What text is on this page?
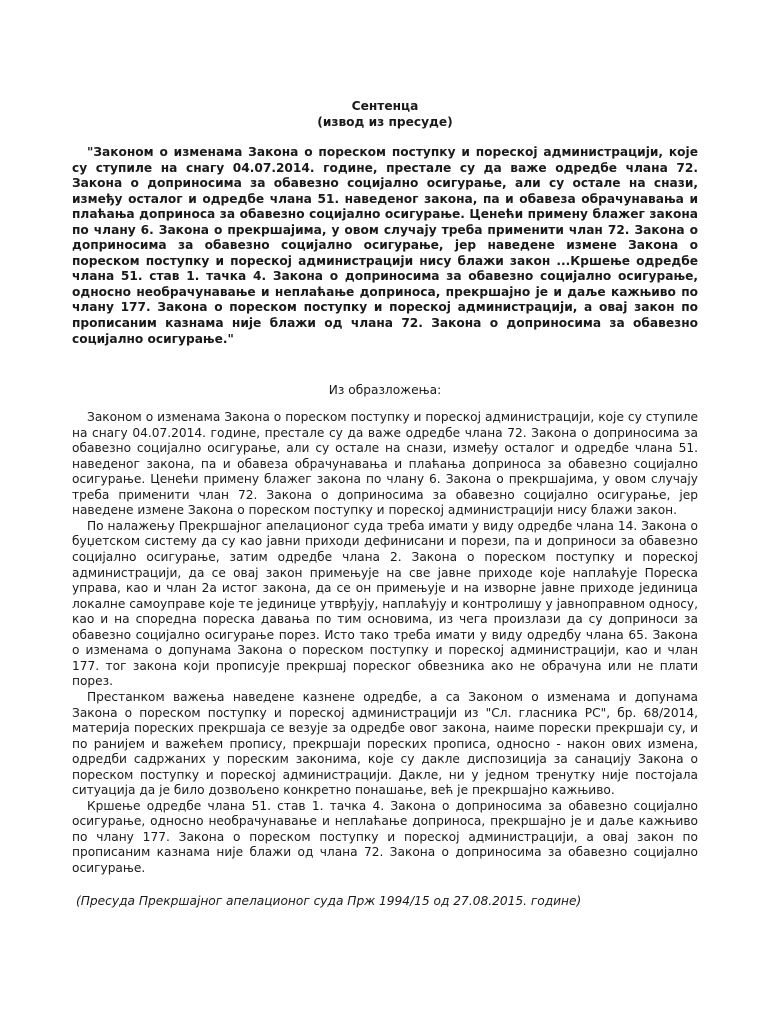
Сентенца
(извод из пресуде)

"Законом о изменама Закона о пореском поступку и пореској администрацији, које су ступиле на снагу 04.07.2014. године, престале су да важе одредбе члана 72. Закона о доприносима за обавезно социјално осигурање, али су остале на снази, између осталог и одредбе члана 51. наведеног закона, па и обавеза обрачунавања и плаћања доприноса за обавезно социјално осигурање. Ценећи примену блажег закона по члану 6. Закона о прекршајима, у овом случају треба применити члан 72. Закона о доприносима за обавезно социјално осигурање, јер наведене измене Закона о пореском поступку и пореској администрацији нису блажи закон ...Кршење одредбе члана 51. став 1. тачка 4. Закона о доприносима за обавезно социјално осигурање, односно необрачунавање и неплаћање доприноса, прекршајно је и даље кажњиво по члану 177. Закона о пореском поступку и пореској администрацији, а овај закон по прописаним казнама није блажи од члана 72. Закона о доприносима за обавезно социјално осигурање."

Из образложења:

Законом о изменама Закона о пореском поступку и пореској администрацији, које су ступиле на снагу 04.07.2014. године, престале су да важе одредбе члана 72. Закона о доприносима за обавезно социјално осигурање, али су остале на снази, између осталог и одредбе члана 51. наведеног закона, па и обавеза обрачунавања и плаћања доприноса за обавезно социјално осигурање. Ценећи примену блажег закона по члану 6. Закона о прекршајима, у овом случају треба применити члан 72. Закона о доприносима за обавезно социјално осигурање, јер наведене измене Закона о пореском поступку и пореској администрацији нису блажи закон.

По налажењу Прекршајног апелационог суда треба имати у виду одредбе члана 14. Закона о буџетском систему да су као јавни приходи дефинисани и порези, па и доприноси за обавезно социјално осигурање, затим одредбе члана 2. Закона о пореском поступку и пореској администрацији, да се овај закон примењује на све јавне приходе које наплаћује Пореска управа, као и члан 2а истог закона, да се он примењује и на изворне јавне приходе јединица локалне самоуправе које те јединице утврђују, наплаћују и контролишу у јавноправном односу, као и на споредна пореска давања по тим основима, из чега произлази да су доприноси за обавезно социјално осигурање порез. Исто тако треба имати у виду одредбу члана 65. Закона о изменама о допунама Закона о пореском поступку и пореској администрацији, као и члан 177. тог закона који прописује прекршај пореског обвезника ако не обрачуна или не плати порез.

Престанком важења наведене казнене одредбе, а са Законом о изменама и допунама Закона о пореском поступку и пореској администрацији из "Сл. гласника РС", бр. 68/2014, материја пореских прекршаја се везује за одредбе овог закона, наиме порески прекршаји су, и по ранијем и важећем пропису, прекршаји пореских прописа, односно - након ових измена, одредби садржаних у пореским законима, које су дакле диспозиција за санацију Закона о пореском поступку и пореској администрацији. Дакле, ни у једном тренутку није постојала ситуација да је било дозвољено конкретно понашање, већ је прекршајно кажњиво.

Кршење одредбе члана 51. став 1. тачка 4. Закона о доприносима за обавезно социјално осигурање, односно необрачунавање и неплаћање доприноса, прекршајно је и даље кажњиво по члану 177. Закона о пореском поступку и пореској администрацији, а овај закон по прописаним казнама није блажи од члана 72. Закона о доприносима за обавезно социјално осигурање.

(Пресуда Прекршајног апелационог суда Прж 1994/15 од 27.08.2015. године)
